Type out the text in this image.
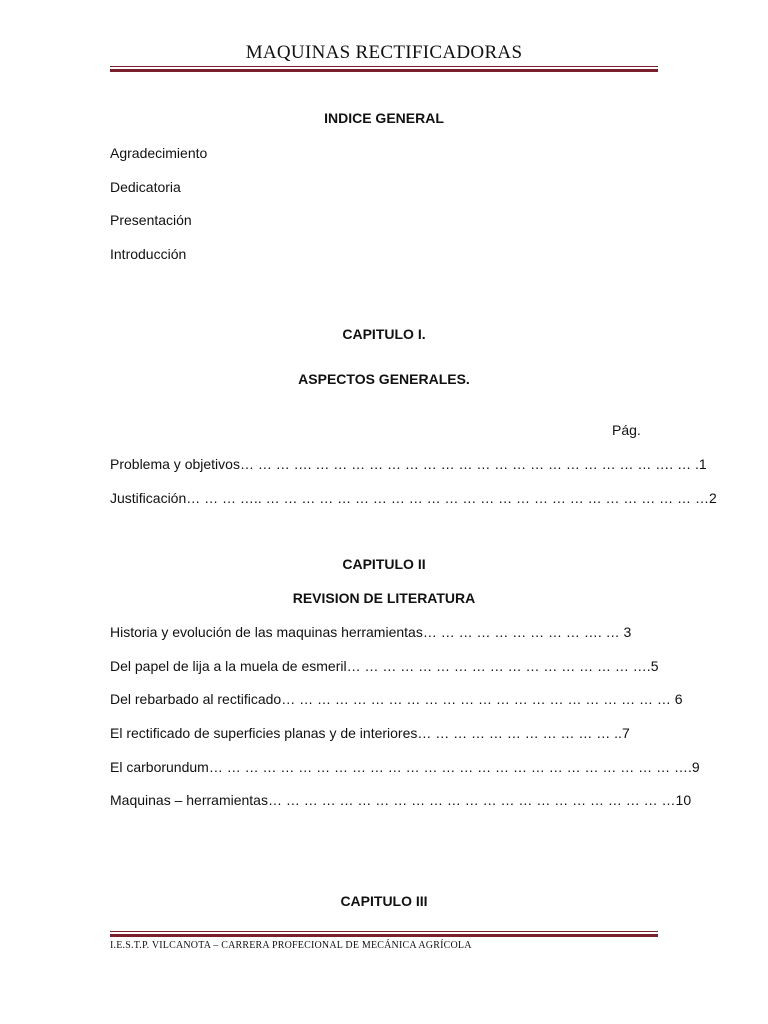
MAQUINAS RECTIFICADORAS
INDICE GENERAL
Agradecimiento
Dedicatoria
Presentación
Introducción
CAPITULO I.
ASPECTOS GENERALES.
Pág.
Problema y objetivos… … … …. … … … … … … … … … … … … … … … … … … … …. … .1
Justificación… … … ….. … … … … … … … … … … … … … … … … … … … … … … … … …2
CAPITULO II
REVISION DE LITERATURA
Historia y evolución de las maquinas herramientas… … … … … … … … … …. … 3
Del papel de lija a la muela de esmeril… … … … … … … … … … … … … … … … ….5
Del rebarbado al rectificado… … … … … … … … … … … … … … … … … … … … … … 6
El rectificado de superficies planas y de interiores… … … … … … … … … … … ..7
El carborundum… … … … … … … … … … … … … … … … … … … … … … … … … … ….9
Maquinas – herramientas… … … … … … … … … … … … … … … … … … … … … … …10
CAPITULO III
I.E.S.T.P. VILCANOTA – CARRERA PROFECIONAL DE MECÁNICA AGRÍCOLA
